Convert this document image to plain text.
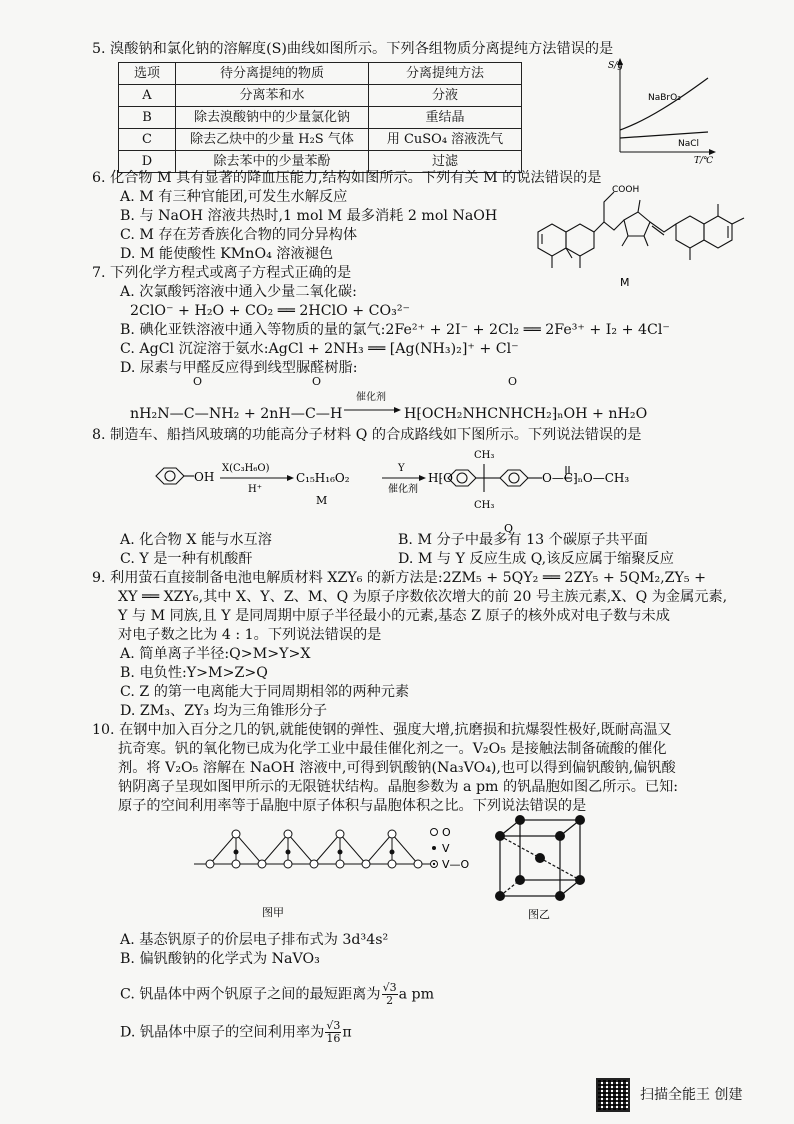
5. 溴酸钠和氯化钠的溶解度(S)曲线如图所示。下列各组物质分离提纯方法错误的是
选项	待分离提纯的物质	分离提纯方法
A	分离苯和水	分液
B	除去溴酸钠中的少量氯化钠	重结晶
C	除去乙炔中的少量 H₂S 气体	用 CuSO₄ 溶液洗气
D	除去苯中的少量苯酚	过滤
S/g
NaBrO₃
NaCl
T/℃
6. 化合物 M 具有显著的降血压能力,结构如图所示。下列有关 M 的说法错误的是
A. M 有三种官能团,可发生水解反应
B. 与 NaOH 溶液共热时,1 mol M 最多消耗 2 mol NaOH
C. M 存在芳香族化合物的同分异构体
D. M 能使酸性 KMnO₄ 溶液褪色
COOH
M
7. 下列化学方程式或离子方程式正确的是
A. 次氯酸钙溶液中通入少量二氧化碳:
2ClO⁻ + H₂O + CO₂ ══ 2HClO + CO₃²⁻
B. 碘化亚铁溶液中通入等物质的量的氯气:2Fe²⁺ + 2I⁻ + 2Cl₂ ══ 2Fe³⁺ + I₂ + 4Cl⁻
C. AgCl 沉淀溶于氨水:AgCl + 2NH₃ ══ [Ag(NH₃)₂]⁺ + Cl⁻
D. 尿素与甲醛反应得到线型脲醛树脂:
O	O	O
nH₂N—C—NH₂ + 2nH—C—H
催化剂
H⁅OCH₂NHCNHCH₂⁆ₙOH + nH₂O
8. 制造车、船挡风玻璃的功能高分子材料 Q 的合成路线如下图所示。下列说法错误的是
OH
X(C₃H₆O)
H⁺
C₁₅H₁₆O₂
M
Y
催化剂
H⁅O
CH₃
CH₃
O—C⁆ₙO—CH₃
Q
A. 化合物 X 能与水互溶	B. M 分子中最多有 13 个碳原子共平面
C. Y 是一种有机酸酐	D. M 与 Y 反应生成 Q,该反应属于缩聚反应
9. 利用萤石直接制备电池电解质材料 XZY₆ 的新方法是:2ZM₅ + 5QY₂ ══ 2ZY₅ + 5QM₂,ZY₅ +
XY ══ XZY₆,其中 X、Y、Z、M、Q 为原子序数依次增大的前 20 号主族元素,X、Q 为金属元素,
Y 与 M 同族,且 Y 是同周期中原子半径最小的元素,基态 Z 原子的核外成对电子数与未成
对电子数之比为 4 : 1。下列说法错误的是
A. 简单离子半径:Q>M>Y>X
B. 电负性:Y>M>Z>Q
C. Z 的第一电离能大于同周期相邻的两种元素
D. ZM₃、ZY₃ 均为三角锥形分子
10. 在钢中加入百分之几的钒,就能使钢的弹性、强度大增,抗磨损和抗爆裂性极好,既耐高温又
抗奇寒。钒的氧化物已成为化学工业中最佳催化剂之一。V₂O₅ 是接触法制备硫酸的催化
剂。将 V₂O₅ 溶解在 NaOH 溶液中,可得到钒酸钠(Na₃VO₄),也可以得到偏钒酸钠,偏钒酸
钠阴离子呈现如图甲所示的无限链状结构。晶胞参数为 a pm 的钒晶胞如图乙所示。已知:
原子的空间利用率等于晶胞中原子体积与晶胞体积之比。下列说法错误的是
O
V
V—O
图甲	图乙
A. 基态钒原子的价层电子排布式为 3d³4s²
B. 偏钒酸钠的化学式为 NaVO₃
C. 钒晶体中两个钒原子之间的最短距离为 $\frac{√3}{2}$ a pm
D. 钒晶体中原子的空间利用率为 $\frac{√3}{16}$ π
扫描全能王 创建
